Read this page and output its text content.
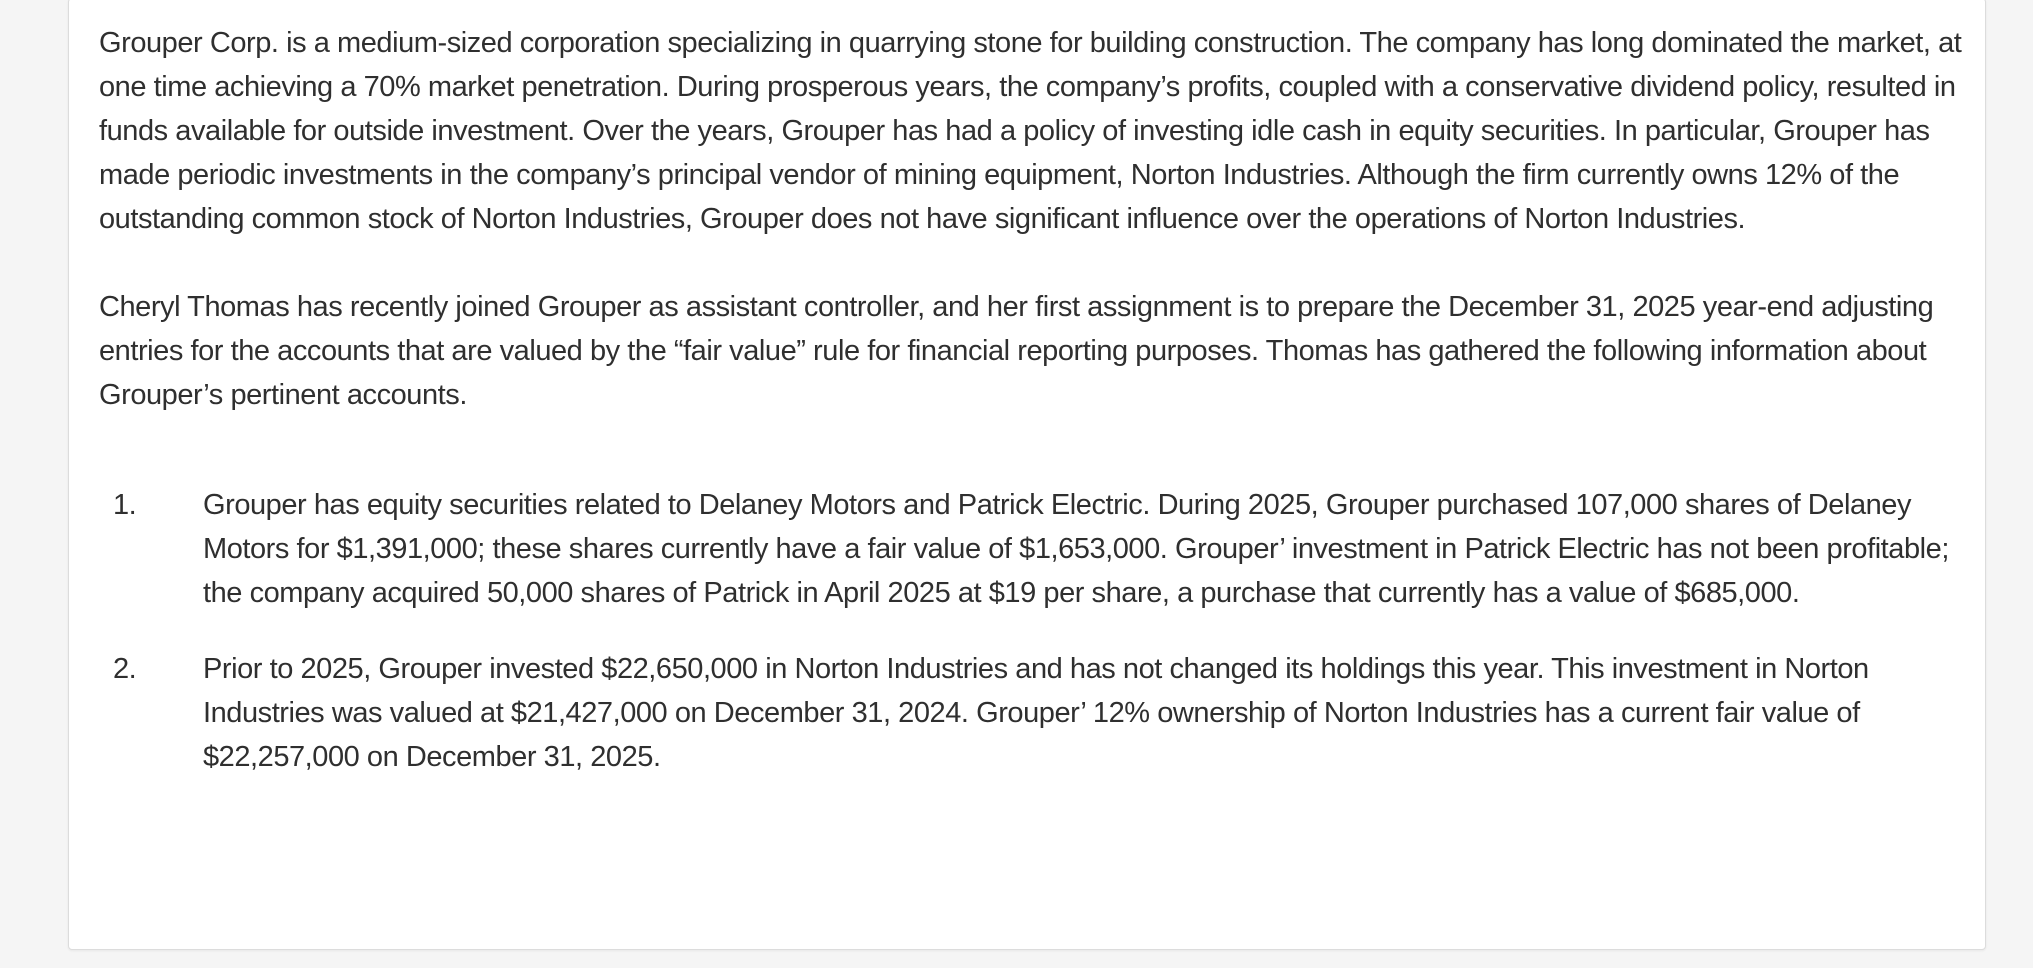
Grouper Corp. is a medium-sized corporation specializing in quarrying stone for building construction. The company has long dominated the market, at one time achieving a 70% market penetration. During prosperous years, the company’s profits, coupled with a conservative dividend policy, resulted in funds available for outside investment. Over the years, Grouper has had a policy of investing idle cash in equity securities. In particular, Grouper has made periodic investments in the company’s principal vendor of mining equipment, Norton Industries. Although the firm currently owns 12% of the outstanding common stock of Norton Industries, Grouper does not have significant influence over the operations of Norton Industries.

Cheryl Thomas has recently joined Grouper as assistant controller, and her first assignment is to prepare the December 31, 2025 year-end adjusting entries for the accounts that are valued by the “fair value” rule for financial reporting purposes. Thomas has gathered the following information about Grouper’s pertinent accounts.

1. Grouper has equity securities related to Delaney Motors and Patrick Electric. During 2025, Grouper purchased 107,000 shares of Delaney Motors for $1,391,000; these shares currently have a fair value of $1,653,000. Grouper’ investment in Patrick Electric has not been profitable; the company acquired 50,000 shares of Patrick in April 2025 at $19 per share, a purchase that currently has a value of $685,000.
2. Prior to 2025, Grouper invested $22,650,000 in Norton Industries and has not changed its holdings this year. This investment in Norton Industries was valued at $21,427,000 on December 31, 2024. Grouper’ 12% ownership of Norton Industries has a current fair value of $22,257,000 on December 31, 2025.
